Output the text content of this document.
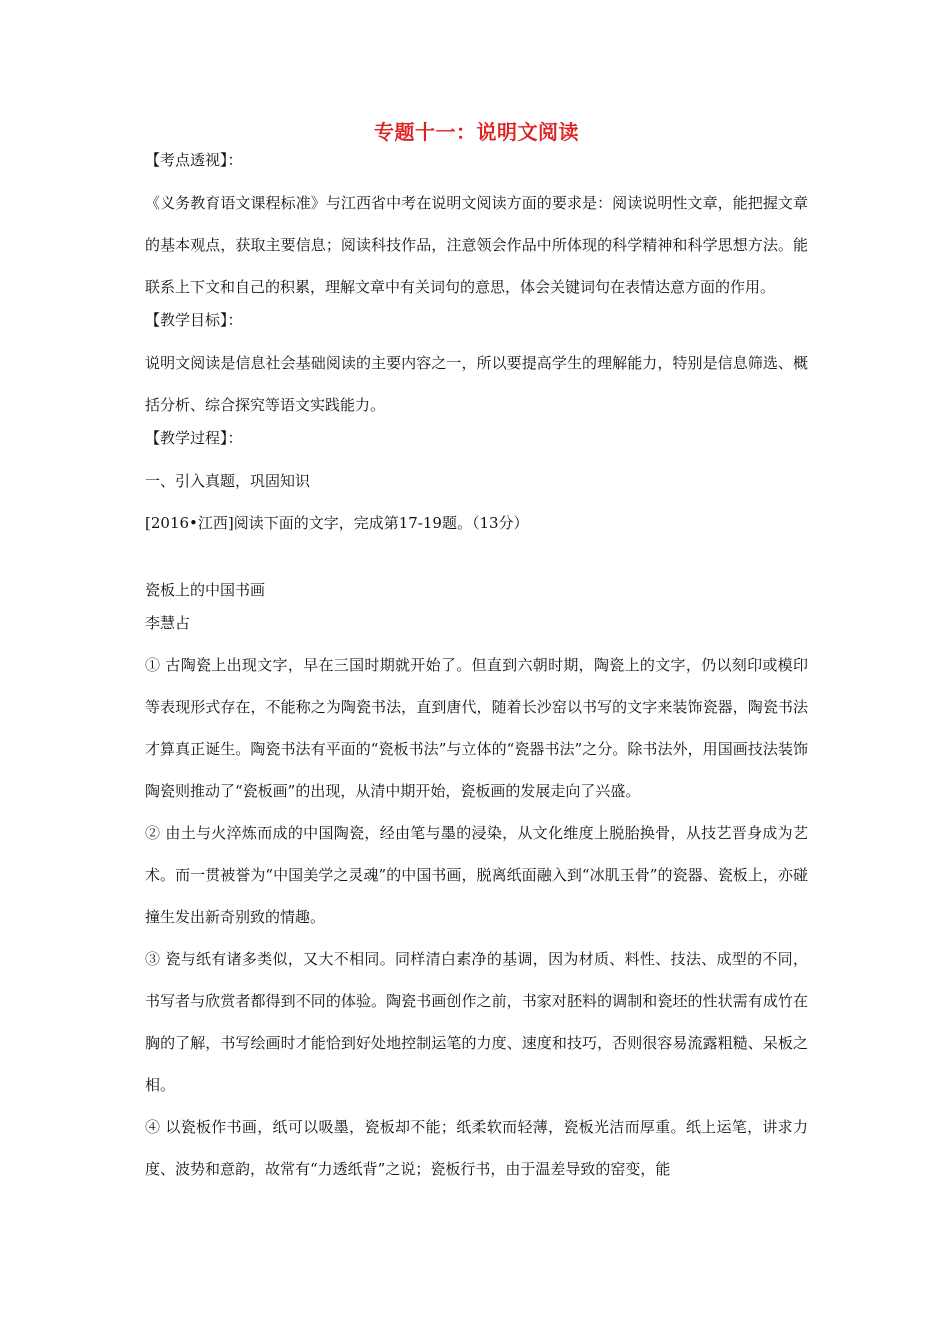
专题十一：说明文阅读
【考点透视】：

《义务教育语文课程标准》与江西省中考在说明文阅读方面的要求是：阅读说明性文章，能把握文章的基本观点，获取主要信息；阅读科技作品，注意领会作品中所体现的科学精神和科学思想方法。能联系上下文和自己的积累，理解文章中有关词句的意思，体会关键词句在表情达意方面的作用。

【教学目标】：

说明文阅读是信息社会基础阅读的主要内容之一，所以要提高学生的理解能力，特别是信息筛选、概括分析、综合探究等语文实践能力。

【教学过程】：
一、引入真题，巩固知识
[2016•江西]阅读下面的文字，完成第17-19题。（13分）
瓷板上的中国书画
李慧占

① 古陶瓷上出现文字，早在三国时期就开始了。但直到六朝时期，陶瓷上的文字，仍以刻印或模印等表现形式存在，不能称之为陶瓷书法，直到唐代，随着长沙窑以书写的文字来装饰瓷器，陶瓷书法才算真正诞生。陶瓷书法有平面的“瓷板书法”与立体的“瓷器书法”之分。除书法外，用国画技法装饰陶瓷则推动了“瓷板画”的出现，从清中期开始，瓷板画的发展走向了兴盛。

② 由土与火淬炼而成的中国陶瓷，经由笔与墨的浸染，从文化维度上脱胎换骨，从技艺晋身成为艺术。而一贯被誉为“中国美学之灵魂”的中国书画，脱离纸面融入到“冰肌玉骨”的瓷器、瓷板上，亦碰撞生发出新奇别致的情趣。

③ 瓷与纸有诸多类似，又大不相同。同样清白素净的基调，因为材质、料性、技法、成型的不同，书写者与欣赏者都得到不同的体验。陶瓷书画创作之前，书家对胚料的调制和瓷坯的性状需有成竹在胸的了解，书写绘画时才能恰到好处地控制运笔的力度、速度和技巧，否则很容易流露粗糙、呆板之相。

④ 以瓷板作书画，纸可以吸墨，瓷板却不能；纸柔软而轻薄，瓷板光洁而厚重。纸上运笔，讲求力度、波势和意韵，故常有“力透纸背”之说；瓷板行书，由于温差导致的窑变，能
